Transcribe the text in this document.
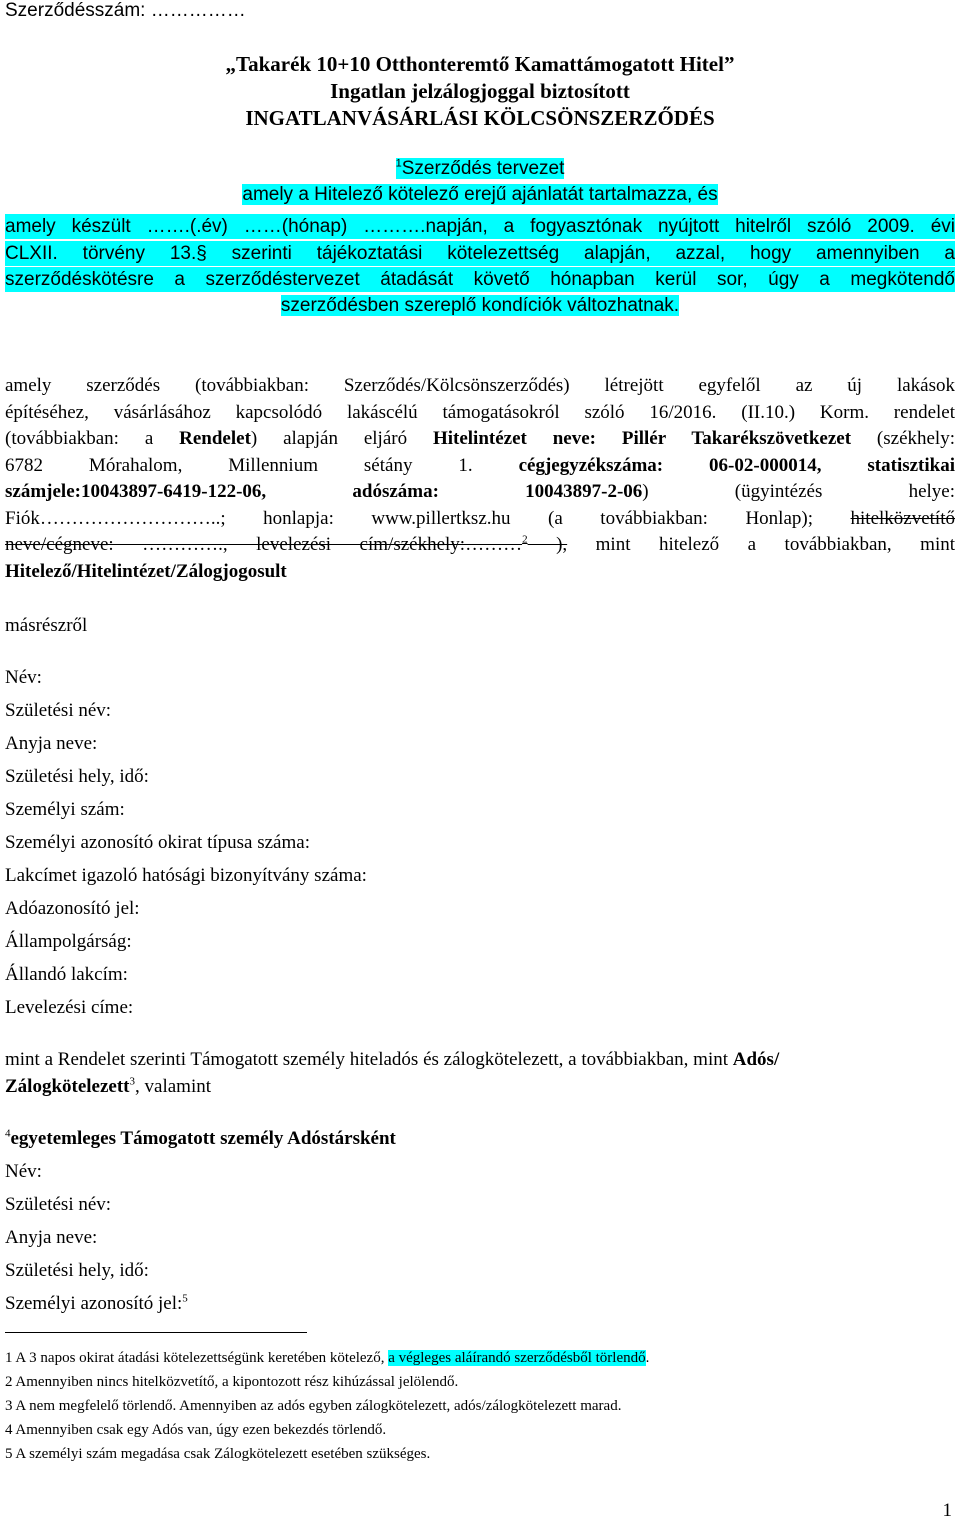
Szerződésszám: ……………
„Takarék 10+10 Otthonteremtő Kamattámogatott Hitel”
Ingatlan jelzálogjoggal biztosított
INGATLANVÁSÁRLÁSI KÖLCSÖNSZERZŐDÉS
$^1$Szerződés tervezet
amely a Hitelező kötelező erejű ajánlatát tartalmazza, és
amely készült …….(.év) ……(hónap) ……….napján, a fogyasztónak nyújtott hitelről szóló 2009. évi
CLXII. törvény 13.§ szerinti tájékoztatási kötelezettség alapján, azzal, hogy amennyiben a
szerződéskötésre a szerződéstervezet átadását követő hónapban kerül sor, úgy a megkötendő
szerződésben szereplő kondíciók változhatnak.
amely szerződés (továbbiakban: Szerződés/Kölcsönszerződés) létrejött egyfelől az új lakások
építéséhez, vásárlásához kapcsolódó lakáscélú támogatásokról szóló 16/2016. (II.10.) Korm. rendelet
(továbbiakban: a Rendelet) alapján eljáró Hitelintézet neve: Pillér Takarékszövetkezet (székhely:
6782 Mórahalom, Millennium sétány 1. cégjegyzékszáma: 06-02-000014, statisztikai
számjele:10043897-6419-122-06, adószáma: 10043897-2-06) (ügyintézés helye:
Fiók………………………..; honlapja: www.pillertksz.hu (a továbbiakban: Honlap); hitelközvetítő
neve/cégneve: …………., levelezési cím/székhely:………$^2$ ), mint hitelező a továbbiakban, mint
Hitelező/Hitelintézet/Zálogjogosult
másrészről
Név:
Születési név:
Anyja neve:
Születési hely, idő:
Személyi szám:
Személyi azonosító okirat típusa száma:
Lakcímet igazoló hatósági bizonyítvány száma:
Adóazonosító jel:
Állampolgárság:
Állandó lakcím:
Levelezési címe:
mint a Rendelet szerinti Támogatott személy hiteladós és zálogkötelezett, a továbbiakban, mint Adós/
Zálogkötelezett$^3$, valamint
$^4$egyetemleges Támogatott személy Adóstársként
Név:
Születési név:
Anyja neve:
Születési hely, idő:
Személyi azonosító jel:$^5$
1 A 3 napos okirat átadási kötelezettségünk keretében kötelező, a végleges aláírandó szerződésből törlendő.
2 Amennyiben nincs hitelközvetítő, a kipontozott rész kihúzással jelölendő.
3 A nem megfelelő törlendő. Amennyiben az adós egyben zálogkötelezett, adós/zálogkötelezett marad.
4 Amennyiben csak egy Adós van, úgy ezen bekezdés törlendő.
5 A személyi szám megadása csak Zálogkötelezett esetében szükséges.
1
